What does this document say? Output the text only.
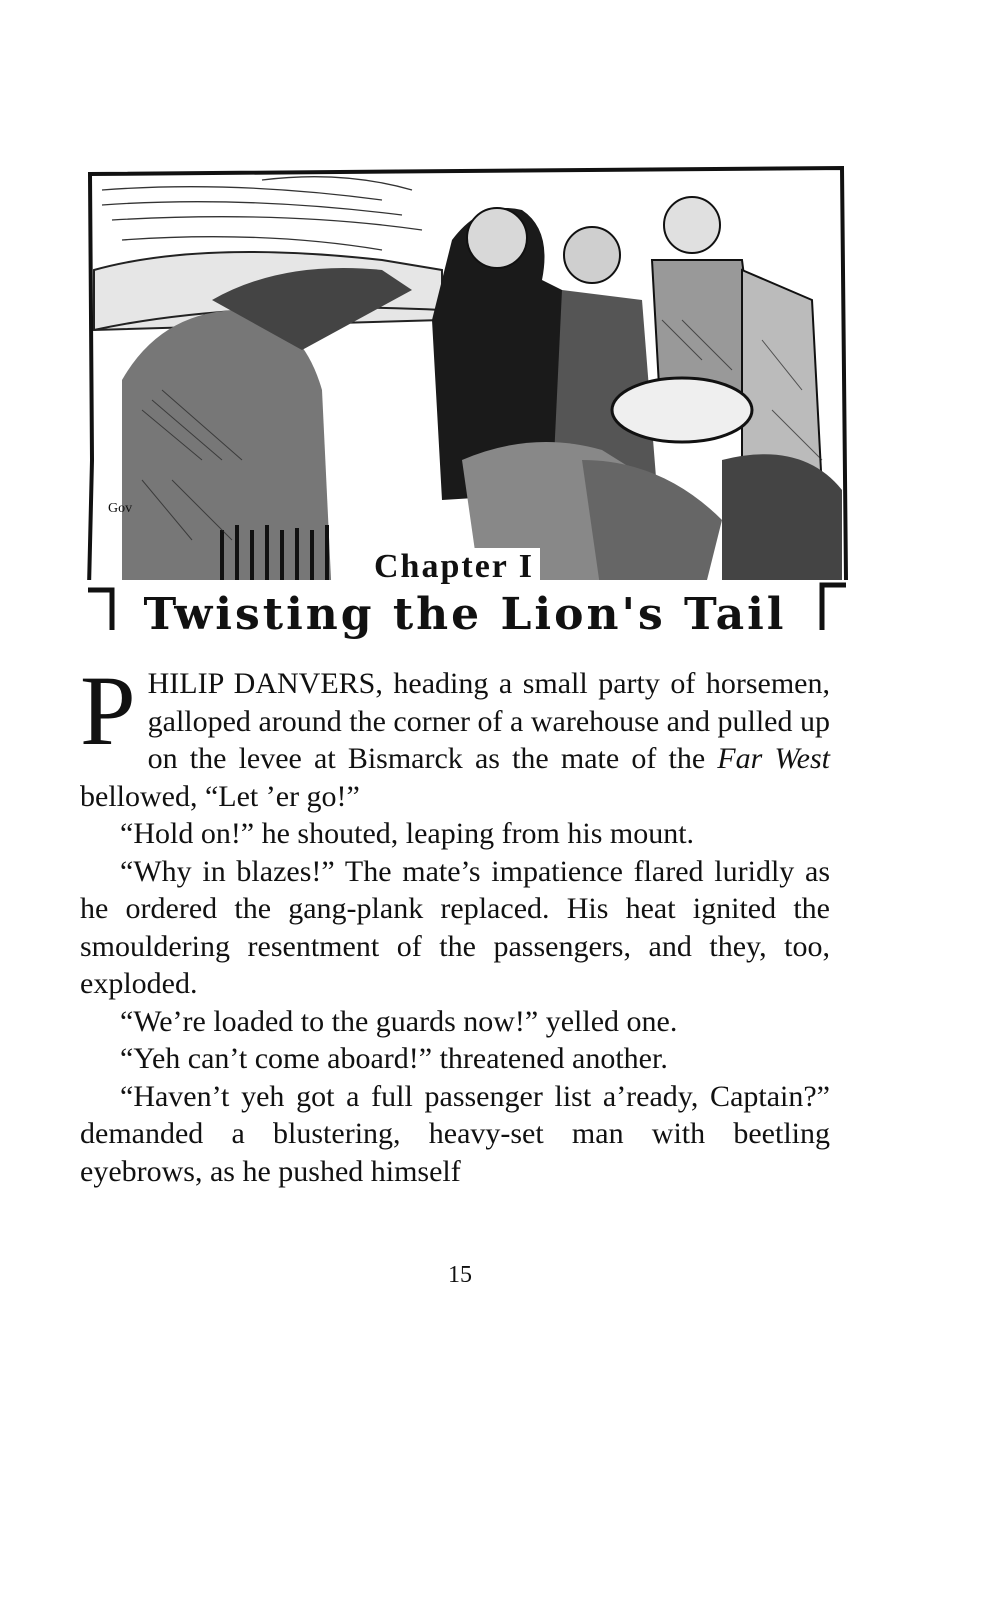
Gov
Chapter I
Twisting the Lion's Tail

PHILIP DANVERS, heading a small party of horsemen, galloped around the corner of a warehouse and pulled up on the levee at Bismarck as the mate of the Far West bellowed, “Let ’er go!”

“Hold on!” he shouted, leaping from his mount.

“Why in blazes!” The mate’s impatience flared luridly as he ordered the gang-plank replaced. His heat ignited the smouldering resentment of the passengers, and they, too, exploded.

“We’re loaded to the guards now!” yelled one.

“Yeh can’t come aboard!” threatened another.

“Haven’t yeh got a full passenger list a’ready, Captain?” demanded a blustering, heavy-set man with beetling eyebrows, as he pushed himself

15
